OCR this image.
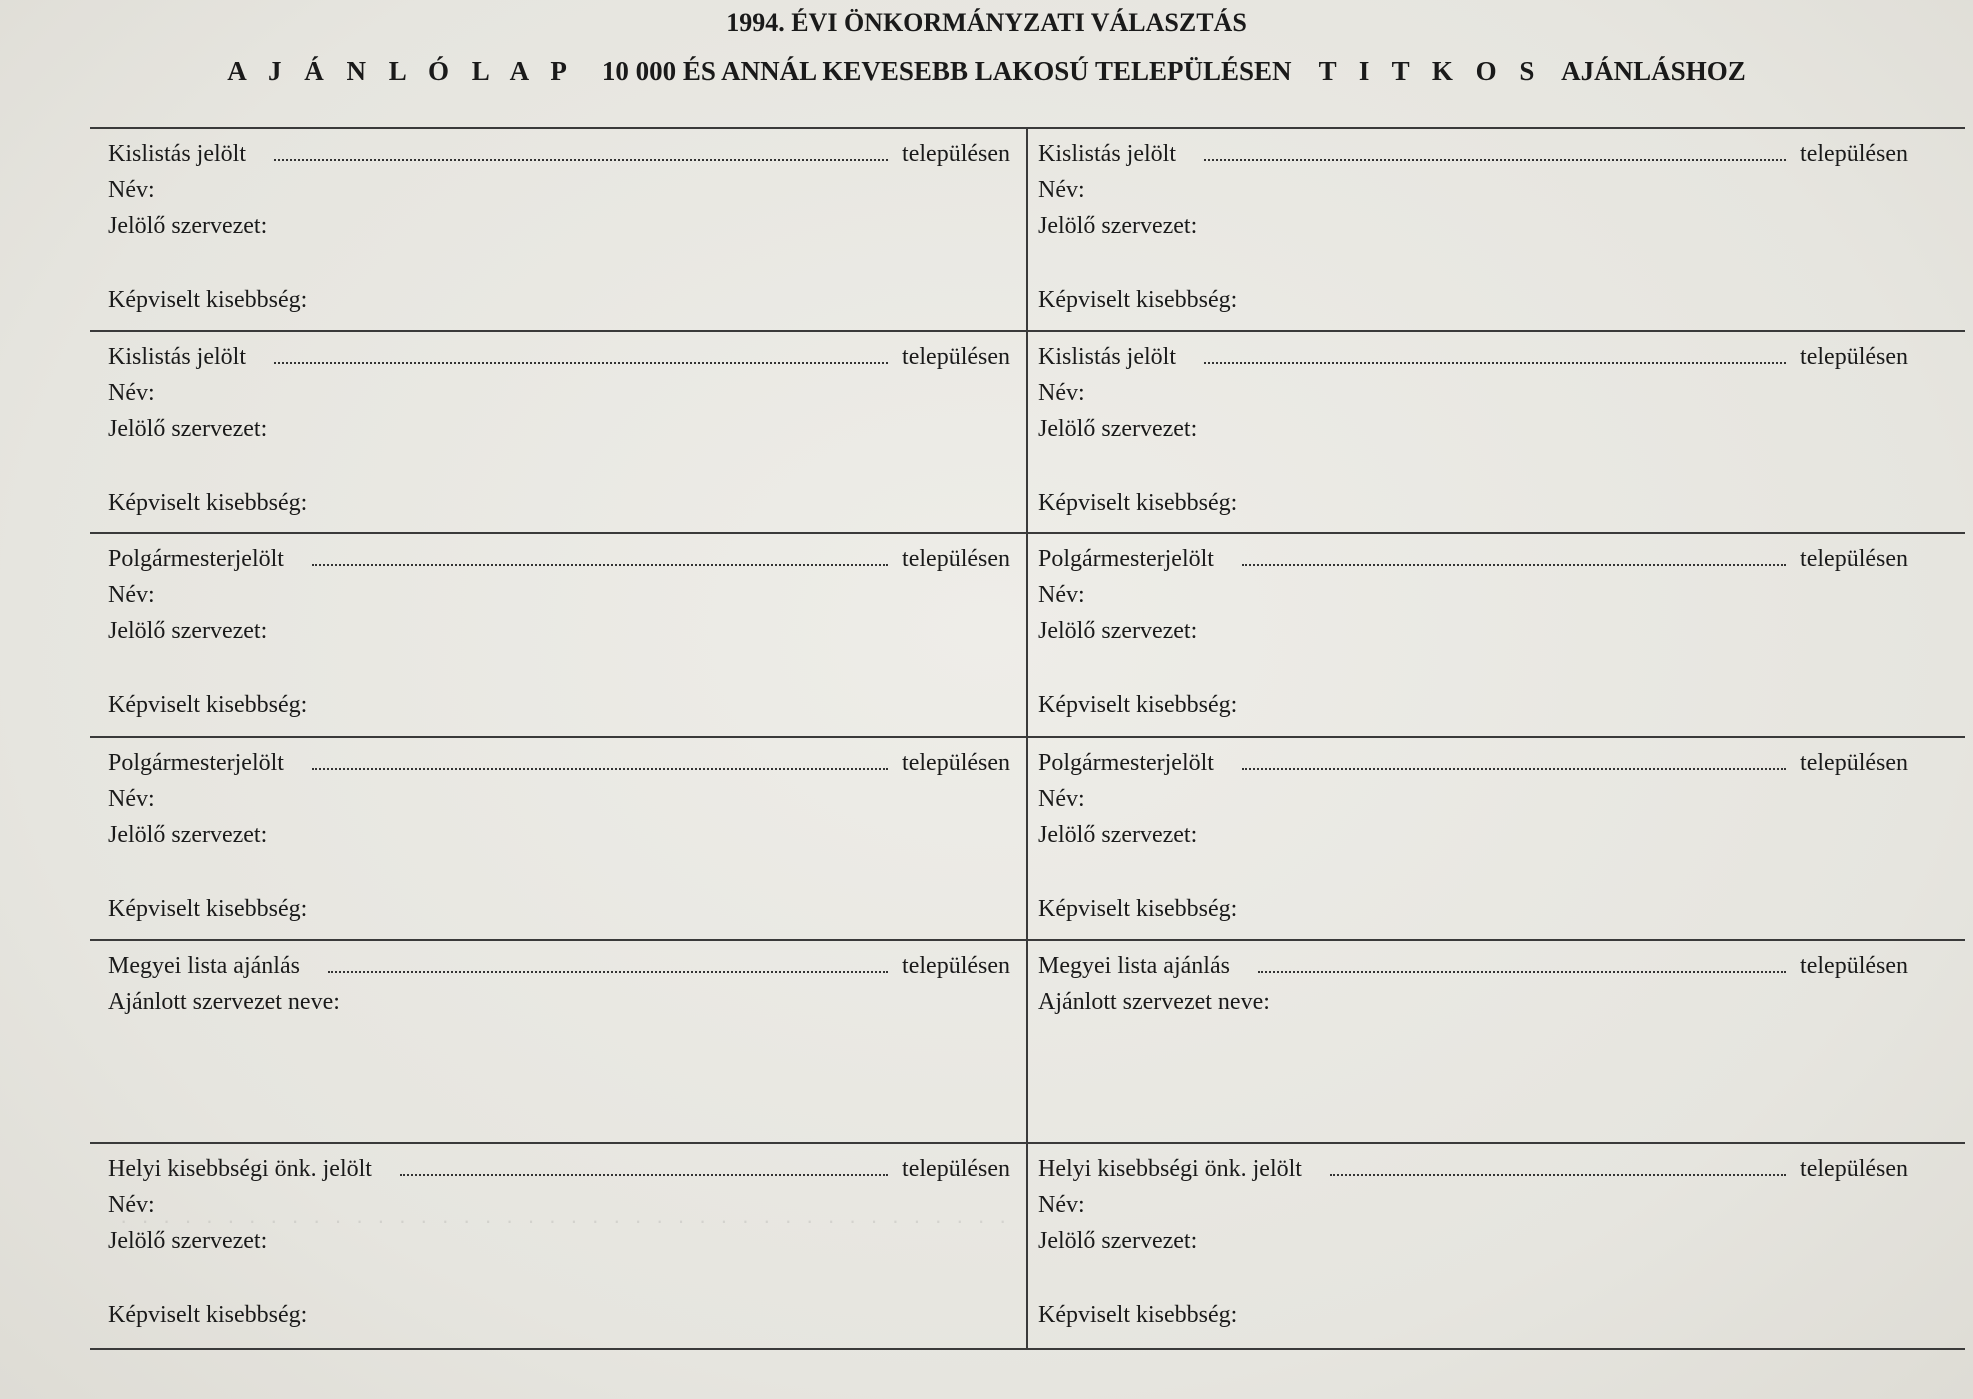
· · · · · · · · · · · · · · · · · · · · · · · · · · · · · · · · · · · · · · · · · ·
1994. ÉVI ÖNKORMÁNYZATI VÁLASZTÁS
A J Á N L Ó L A P 10 000 ÉS ANNÁL KEVESEBB LAKOSÚ TELEPÜLÉSEN T I T K O S AJÁNLÁSHOZ
Kislistás jelölt	településen
Név:
Jelölő szervezet:
Képviselt kisebbség:
Kislistás jelölt	településen
Név:
Jelölő szervezet:
Képviselt kisebbség:
Kislistás jelölt	településen
Név:
Jelölő szervezet:
Képviselt kisebbség:
Kislistás jelölt	településen
Név:
Jelölő szervezet:
Képviselt kisebbség:
Polgármesterjelölt	településen
Név:
Jelölő szervezet:
Képviselt kisebbség:
Polgármesterjelölt	településen
Név:
Jelölő szervezet:
Képviselt kisebbség:
Polgármesterjelölt	településen
Név:
Jelölő szervezet:
Képviselt kisebbség:
Polgármesterjelölt	településen
Név:
Jelölő szervezet:
Képviselt kisebbség:
Megyei lista ajánlás	településen
Ajánlott szervezet neve:
Megyei lista ajánlás	településen
Ajánlott szervezet neve:
Helyi kisebbségi önk. jelölt	településen
Név:
Jelölő szervezet:
Képviselt kisebbség:
Helyi kisebbségi önk. jelölt	településen
Név:
Jelölő szervezet:
Képviselt kisebbség:
